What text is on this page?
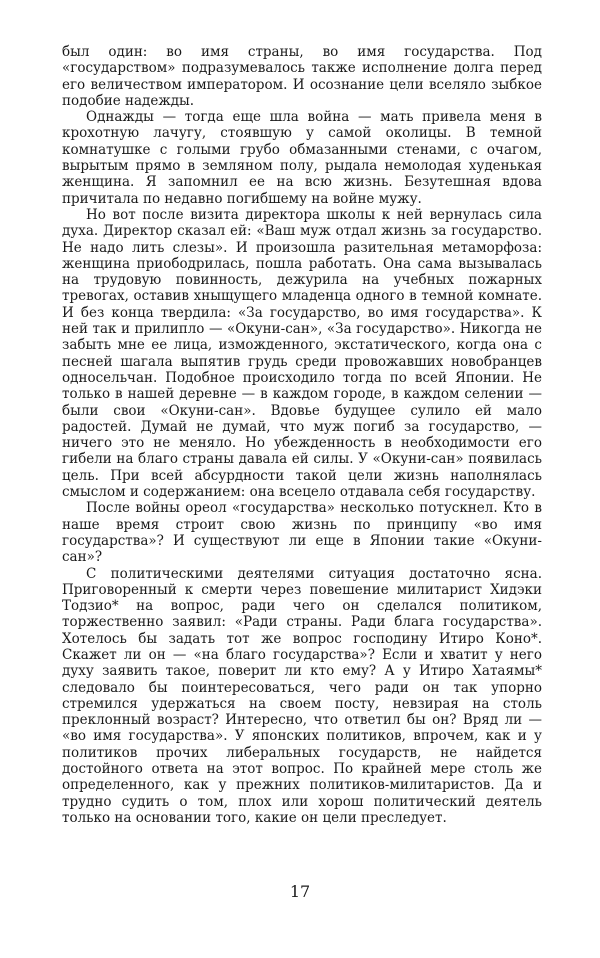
был один: во имя страны, во имя государства. Под «государством» подразумевалось также исполнение долга перед его величеством императором. И осознание цели вселяло зыбкое подобие надежды.

Однажды — тогда еще шла война — мать привела меня в крохотную лачугу, стоявшую у самой околицы. В темной комнатушке с голыми грубо обмазанными стенами, с очагом, вырытым прямо в земляном полу, рыдала немолодая худенькая женщина. Я запомнил ее на всю жизнь. Безутешная вдова причитала по недавно погибшему на войне мужу.

Но вот после визита директора школы к ней вернулась сила духа. Директор сказал ей: «Ваш муж отдал жизнь за государство. Не надо лить слезы». И произошла разительная метаморфоза: женщина приободрилась, пошла работать. Она сама вызывалась на трудовую повинность, дежурила на учебных пожарных тревогах, оставив хныщущего младенца одного в темной комнате. И без конца твердила: «За государство, во имя государства». К ней так и прилипло — «Окуни-сан», «За государство». Никогда не забыть мне ее лица, изможденного, экстатического, когда она с песней шагала выпятив грудь среди провожавших новобранцев односельчан. Подобное происходило тогда по всей Японии. Не только в нашей деревне — в каждом городе, в каждом селении — были свои «Окуни-сан». Вдовье будущее сулило ей мало радостей. Думай не думай, что муж погиб за государство, — ничего это не меняло. Но убежденность в необходимости его гибели на благо страны давала ей силы. У «Окуни-сан» появилась цель. При всей абсурдности такой цели жизнь наполнялась смыслом и содержанием: она всецело отдавала себя государству.

После войны ореол «государства» несколько потускнел. Кто в наше время строит свою жизнь по принципу «во имя государства»? И существуют ли еще в Японии такие «Окуни-сан»?

С политическими деятелями ситуация достаточно ясна. Приговоренный к смерти через повешение милитарист Хидэки Тодзио* на вопрос, ради чего он сделался политиком, торжественно заявил: «Ради страны. Ради блага государства». Хотелось бы задать тот же вопрос господину Итиро Коно*. Скажет ли он — «на благо государства»? Если и хватит у него духу заявить такое, поверит ли кто ему? А у Итиро Хатаямы* следовало бы поинтересоваться, чего ради он так упорно стремился удержаться на своем посту, невзирая на столь преклонный возраст? Интересно, что ответил бы он? Вряд ли — «во имя государства». У японских политиков, впрочем, как и у политиков прочих либеральных государств, не найдется достойного ответа на этот вопрос. По крайней мере столь же определенного, как у прежних политиков-милитаристов. Да и трудно судить о том, плох или хорош политический деятель только на основании того, какие он цели преследует.

17
